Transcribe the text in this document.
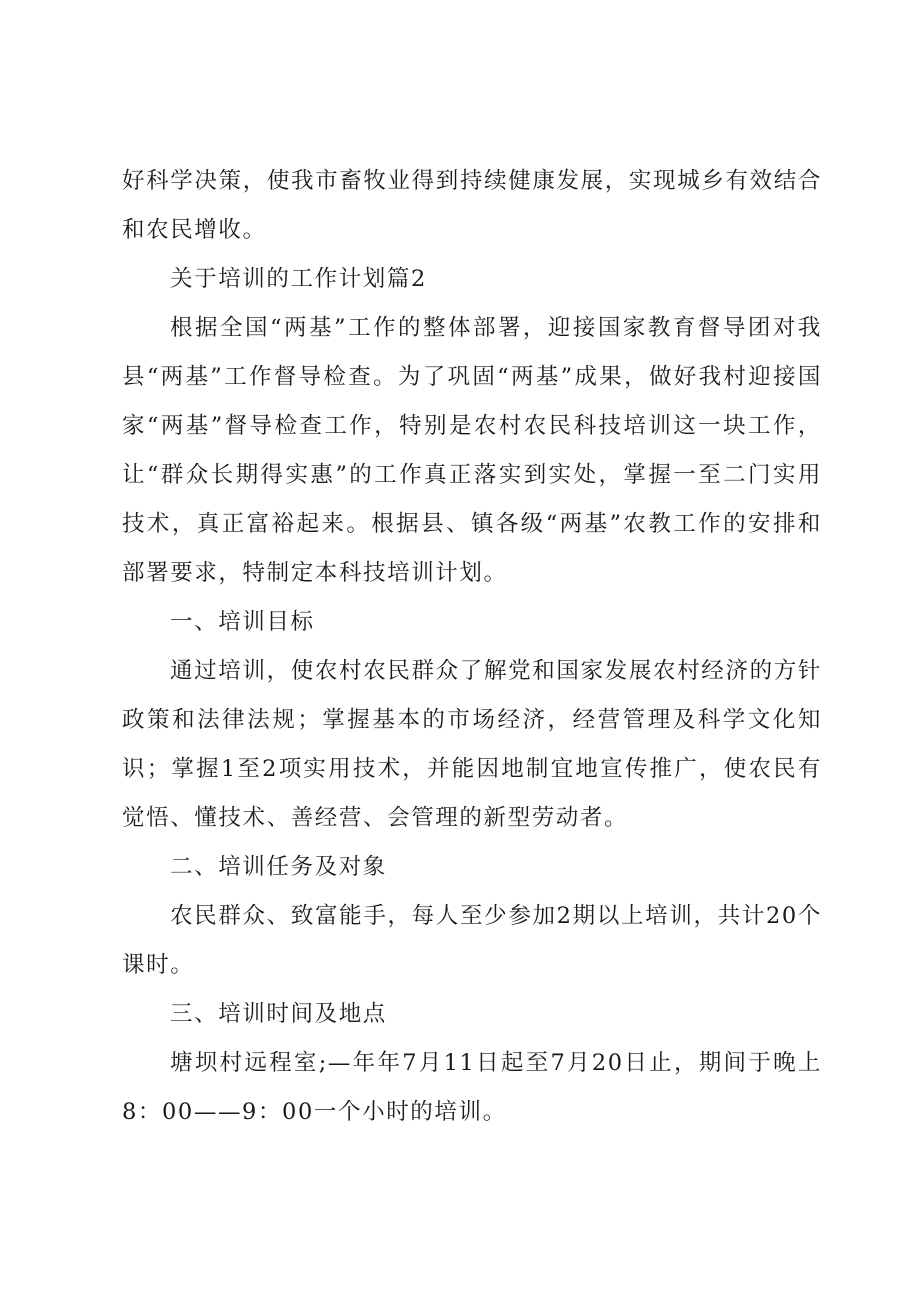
好科学决策，使我市畜牧业得到持续健康发展，实现城乡有效结合和农民增收。

关于培训的工作计划篇2

根据全国“两基”工作的整体部署，迎接国家教育督导团对我县“两基”工作督导检查。为了巩固“两基”成果，做好我村迎接国家“两基”督导检查工作，特别是农村农民科技培训这一块工作，让“群众长期得实惠”的工作真正落实到实处，掌握一至二门实用技术，真正富裕起来。根据县、镇各级“两基”农教工作的安排和部署要求，特制定本科技培训计划。

一、培训目标

通过培训，使农村农民群众了解党和国家发展农村经济的方针政策和法律法规；掌握基本的市场经济，经营管理及科学文化知识；掌握1至2项实用技术，并能因地制宜地宣传推广，使农民有觉悟、懂技术、善经营、会管理的新型劳动者。

二、培训任务及对象

农民群众、致富能手，每人至少参加2期以上培训，共计20个课时。

三、培训时间及地点

塘坝村远程室;—年年7月11日起至7月20日止，期间于晚上8：00——9：00一个小时的培训。
